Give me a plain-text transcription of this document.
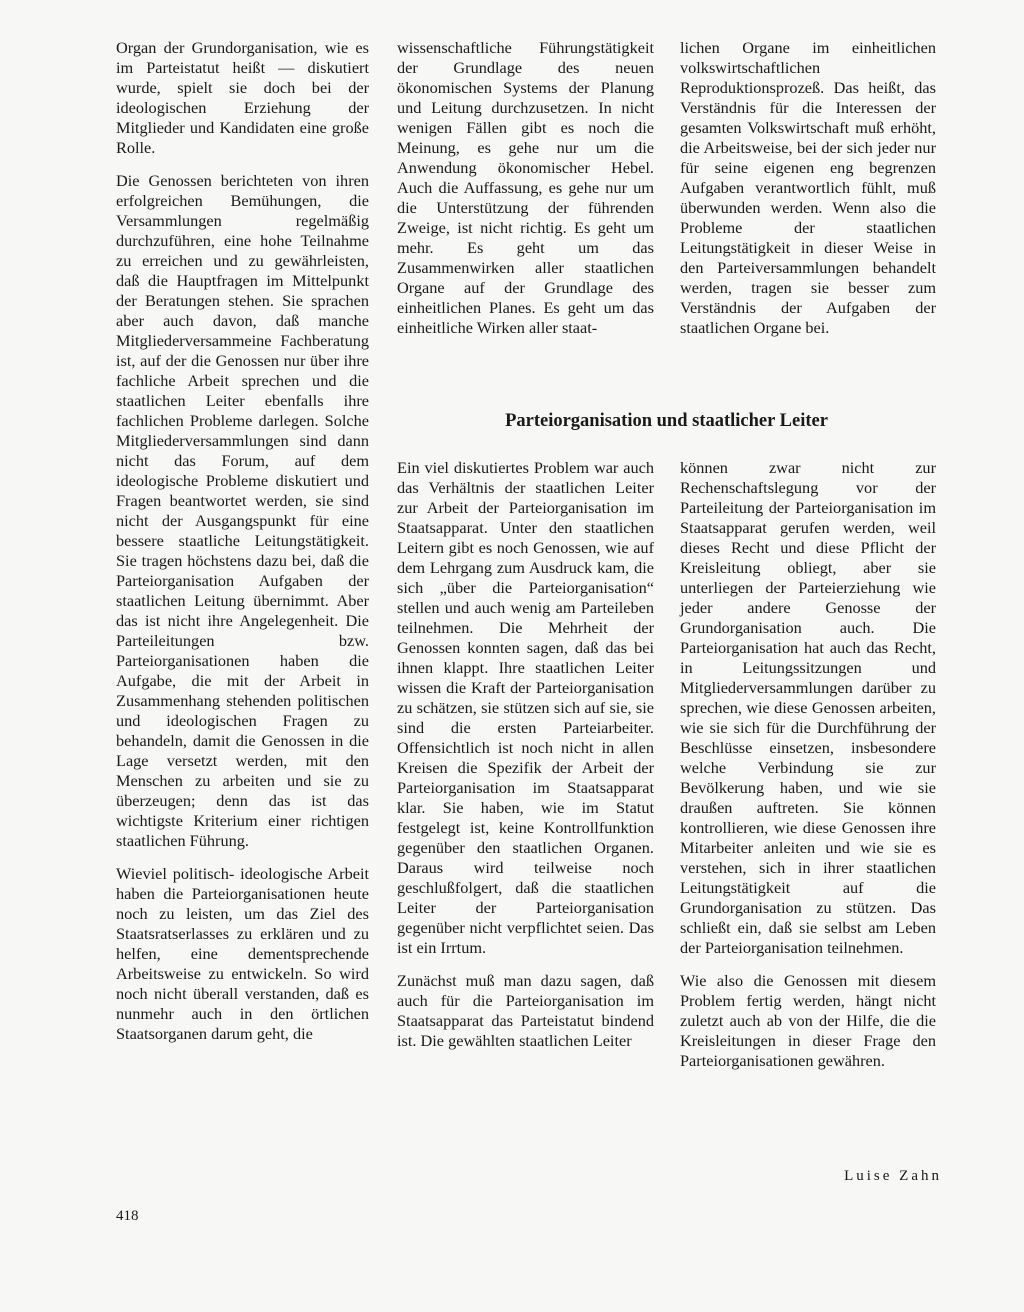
Organ der Grundorganisation, wie es im Parteistatut heißt — diskutiert wurde, spielt sie doch bei der ideologischen Erziehung der Mitglieder und Kandidaten eine große Rolle.

Die Genossen berichteten von ihren erfolgreichen Bemühungen, die Versammlungen regelmäßig durchzuführen, eine hohe Teilnahme zu erreichen und zu gewährleisten, daß die Hauptfragen im Mittelpunkt der Beratungen stehen. Sie sprachen aber auch davon, daß manche Mitgliederversammeine Fachberatung ist, auf der die Genossen nur über ihre fachliche Arbeit sprechen und die staatlichen Leiter ebenfalls ihre fachlichen Probleme darlegen. Solche Mitgliederversammlungen sind dann nicht das Forum, auf dem ideologische Probleme diskutiert und Fragen beantwortet werden, sie sind nicht der Ausgangspunkt für eine bessere staatliche Leitungstätigkeit. Sie tragen höchstens dazu bei, daß die Parteiorganisation Aufgaben der staatlichen Leitung übernimmt. Aber das ist nicht ihre Angelegenheit. Die Parteileitungen bzw. Parteiorganisationen haben die Aufgabe, die mit der Arbeit in Zusammenhang stehenden politischen und ideologischen Fragen zu behandeln, damit die Genossen in die Lage versetzt werden, mit den Menschen zu arbeiten und sie zu überzeugen; denn das ist das wichtigste Kriterium einer richtigen staatlichen Führung.

Wieviel politisch- ideologische Arbeit haben die Parteiorganisationen heute noch zu leisten, um das Ziel des Staatsratserlasses zu erklären und zu helfen, eine dementsprechende Arbeitsweise zu entwickeln. So wird noch nicht überall verstanden, daß es nunmehr auch in den örtlichen Staatsorganen darum geht, die

wissenschaftliche Führungstätigkeit der Grundlage des neuen ökonomischen Systems der Planung und Leitung durchzusetzen. In nicht wenigen Fällen gibt es noch die Meinung, es gehe nur um die Anwendung ökonomischer Hebel. Auch die Auffassung, es gehe nur um die Unterstützung der führenden Zweige, ist nicht richtig. Es geht um mehr. Es geht um das Zusammenwirken aller staatlichen Organe auf der Grundlage des einheitlichen Planes. Es geht um das einheitliche Wirken aller staat-

lichen Organe im einheitlichen volkswirtschaftlichen Reproduktionsprozeß. Das heißt, das Verständnis für die Interessen der gesamten Volkswirtschaft muß erhöht, die Arbeitsweise, bei der sich jeder nur für seine eigenen eng begrenzen Aufgaben verantwortlich fühlt, muß überwunden werden. Wenn also die Probleme der staatlichen Leitungstätigkeit in dieser Weise in den Parteiversammlungen behandelt werden, tragen sie besser zum Verständnis der Aufgaben der staatlichen Organe bei.

Parteiorganisation und staatlicher Leiter

Ein viel diskutiertes Problem war auch das Verhältnis der staatlichen Leiter zur Arbeit der Parteiorganisation im Staatsapparat. Unter den staatlichen Leitern gibt es noch Genossen, wie auf dem Lehrgang zum Ausdruck kam, die sich „über die Parteiorganisation“ stellen und auch wenig am Parteileben teilnehmen. Die Mehrheit der Genossen konnten sagen, daß das bei ihnen klappt. Ihre staatlichen Leiter wissen die Kraft der Parteiorganisation zu schätzen, sie stützen sich auf sie, sie sind die ersten Parteiarbeiter. Offensichtlich ist noch nicht in allen Kreisen die Spezifik der Arbeit der Parteiorganisation im Staatsapparat klar. Sie haben, wie im Statut festgelegt ist, keine Kontrollfunktion gegenüber den staatlichen Organen. Daraus wird teilweise noch geschlußfolgert, daß die staatlichen Leiter der Parteiorganisation gegenüber nicht verpflichtet seien. Das ist ein Irrtum.

Zunächst muß man dazu sagen, daß auch für die Parteiorganisation im Staatsapparat das Parteistatut bindend ist. Die gewählten staatlichen Leiter

können zwar nicht zur Rechenschaftslegung vor der Parteileitung der Parteiorganisation im Staatsapparat gerufen werden, weil dieses Recht und diese Pflicht der Kreisleitung obliegt, aber sie unterliegen der Parteierziehung wie jeder andere Genosse der Grundorganisation auch. Die Parteiorganisation hat auch das Recht, in Leitungssitzungen und Mitgliederversammlungen darüber zu sprechen, wie diese Genossen arbeiten, wie sie sich für die Durchführung der Beschlüsse einsetzen, insbesondere welche Verbindung sie zur Bevölkerung haben, und wie sie draußen auftreten. Sie können kontrollieren, wie diese Genossen ihre Mitarbeiter anleiten und wie sie es verstehen, sich in ihrer staatlichen Leitungstätigkeit auf die Grundorganisation zu stützen. Das schließt ein, daß sie selbst am Leben der Parteiorganisation teilnehmen.

Wie also die Genossen mit diesem Problem fertig werden, hängt nicht zuletzt auch ab von der Hilfe, die die Kreisleitungen in dieser Frage den Parteiorganisationen gewähren.

Luise Zahn
418
